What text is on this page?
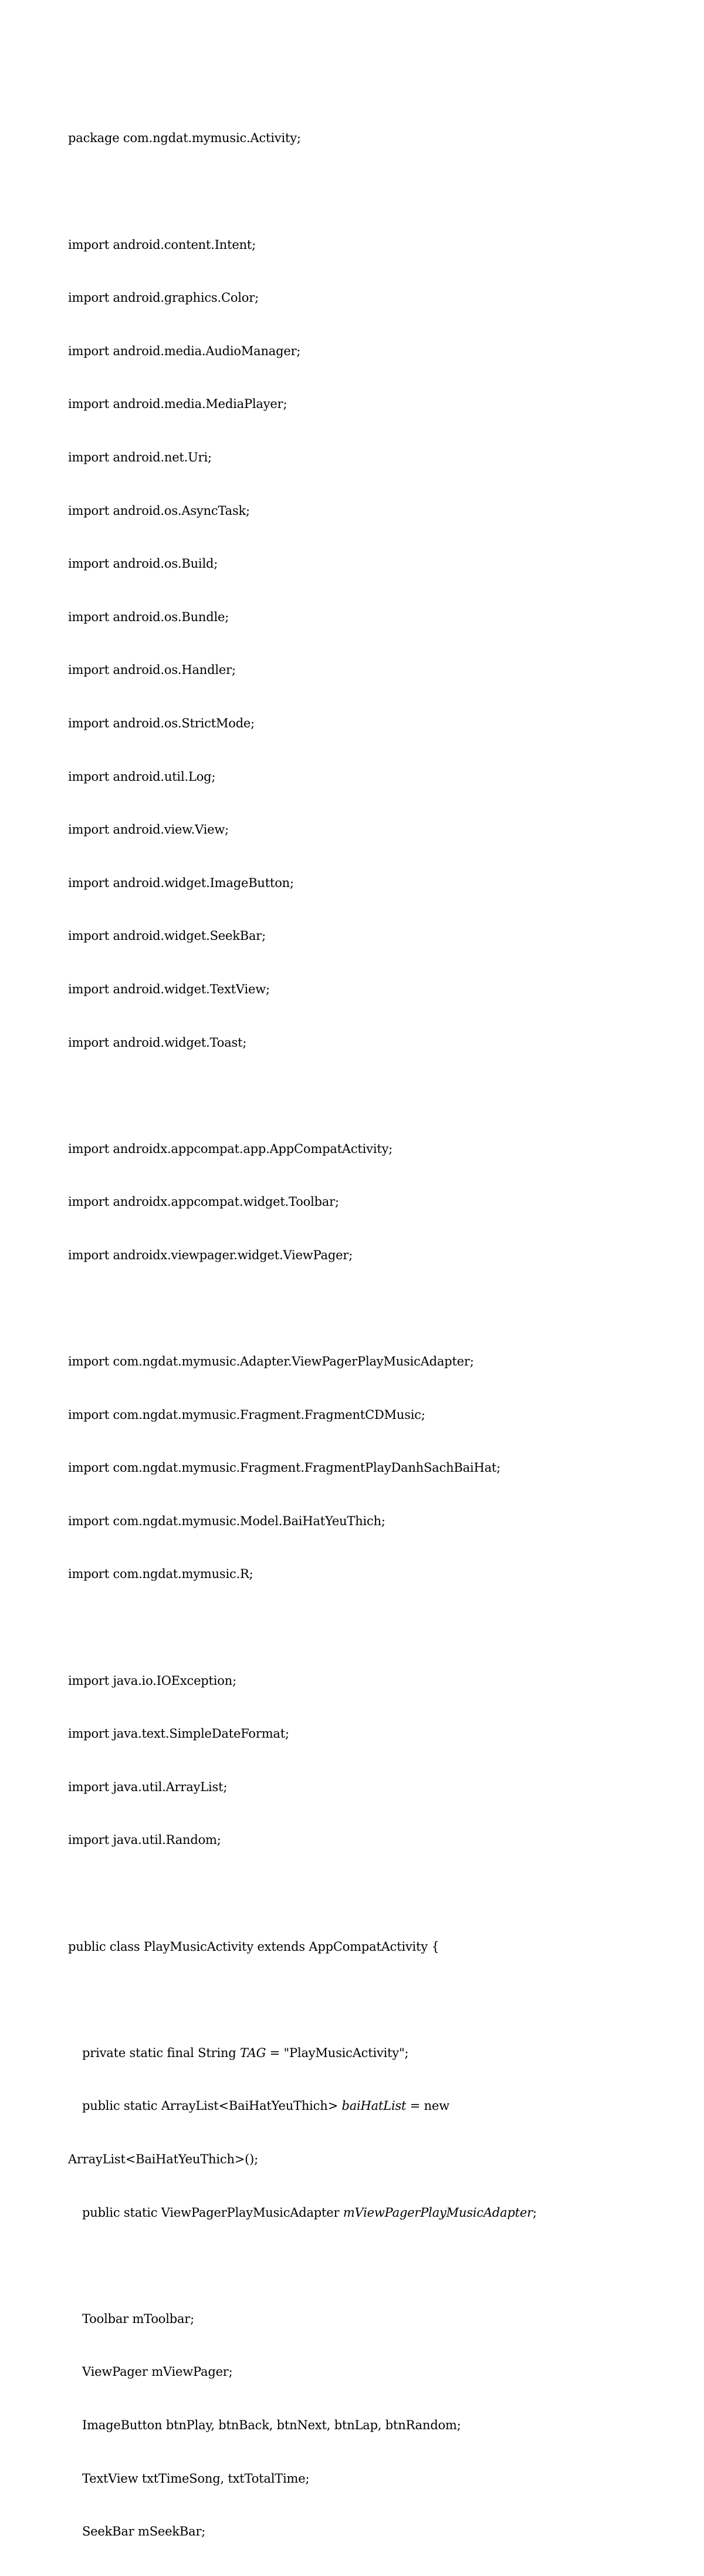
package com.ngdat.mymusic.Activity;

import android.content.Intent;

import android.graphics.Color;

import android.media.AudioManager;

import android.media.MediaPlayer;

import android.net.Uri;

import android.os.AsyncTask;

import android.os.Build;

import android.os.Bundle;

import android.os.Handler;

import android.os.StrictMode;

import android.util.Log;

import android.view.View;

import android.widget.ImageButton;

import android.widget.SeekBar;

import android.widget.TextView;

import android.widget.Toast;

import androidx.appcompat.app.AppCompatActivity;

import androidx.appcompat.widget.Toolbar;

import androidx.viewpager.widget.ViewPager;

import com.ngdat.mymusic.Adapter.ViewPagerPlayMusicAdapter;

import com.ngdat.mymusic.Fragment.FragmentCDMusic;

import com.ngdat.mymusic.Fragment.FragmentPlayDanhSachBaiHat;

import com.ngdat.mymusic.Model.BaiHatYeuThich;

import com.ngdat.mymusic.R;

import java.io.IOException;

import java.text.SimpleDateFormat;

import java.util.ArrayList;

import java.util.Random;

public class PlayMusicActivity extends AppCompatActivity {

private static final String TAG = "PlayMusicActivity";

public static ArrayList<BaiHatYeuThich> baiHatList = new

ArrayList<BaiHatYeuThich>();

public static ViewPagerPlayMusicAdapter mViewPagerPlayMusicAdapter;

Toolbar mToolbar;

ViewPager mViewPager;

ImageButton btnPlay, btnBack, btnNext, btnLap, btnRandom;

TextView txtTimeSong, txtTotalTime;

SeekBar mSeekBar;
